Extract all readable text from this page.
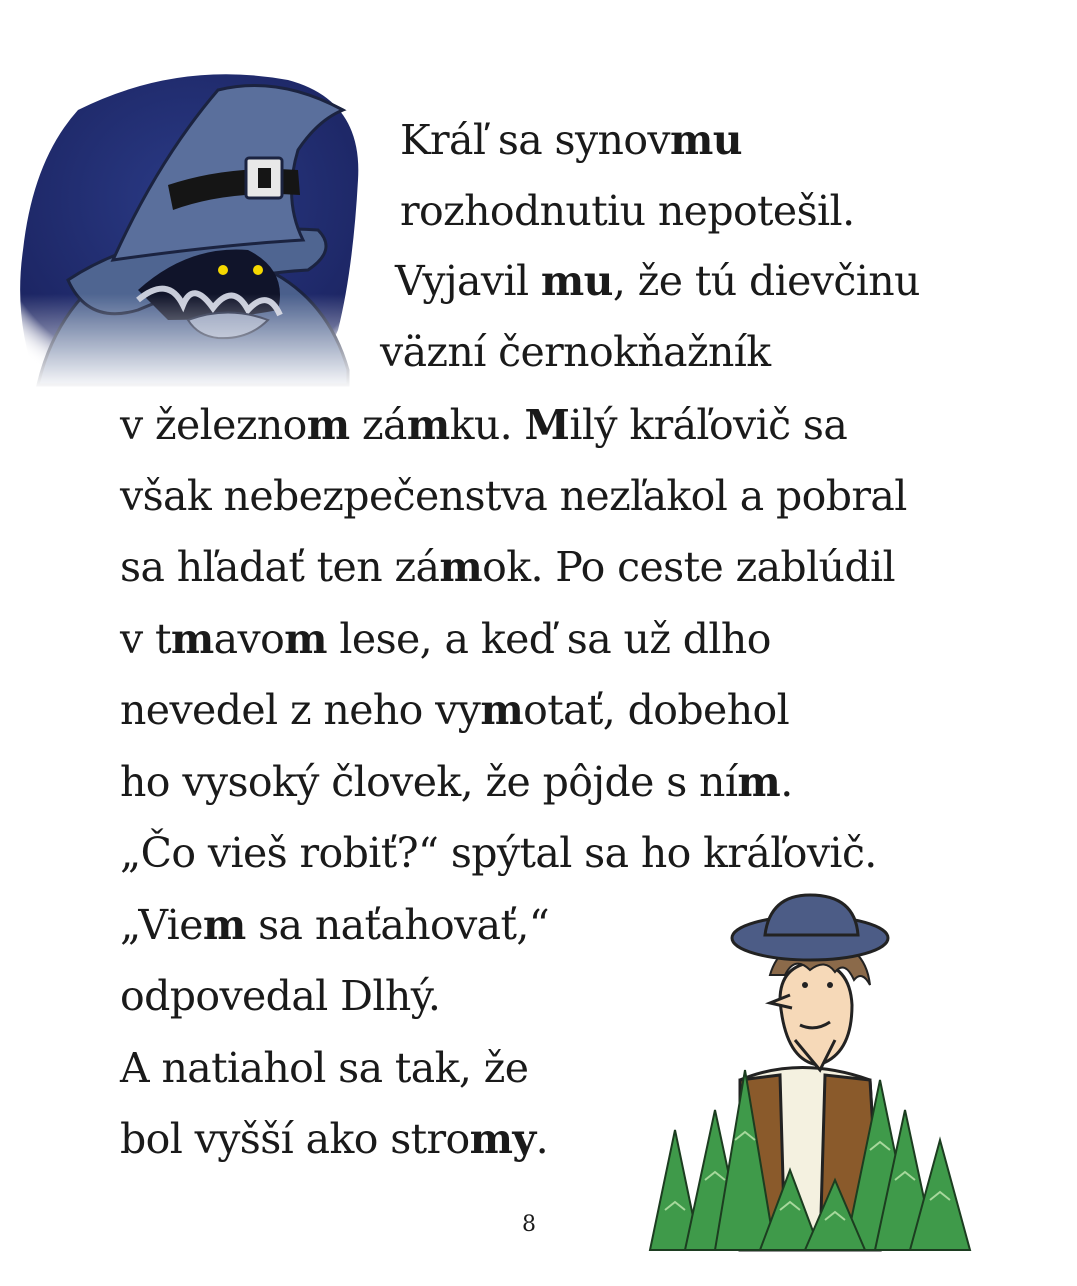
Kráľ sa synovmu
rozhodnutiu nepotešil.
Vyjavil mu, že tú dievčinu
väzní černokňažník
v železnom zámku. Milý kráľovič sa
však nebezpečenstva nezľakol a pobral
sa hľadať ten zámok. Po ceste zablúdil
v tmavom lese, a keď sa už dlho
nevedel z neho vymotať, dobehol
ho vysoký človek, že pôjde s ním.
„Čo vieš robiť?“ spýtal sa ho kráľovič.
„Viem sa naťahovať,“
odpovedal Dlhý.
A natiahol sa tak, že
bol vyšší ako stromy.
8
